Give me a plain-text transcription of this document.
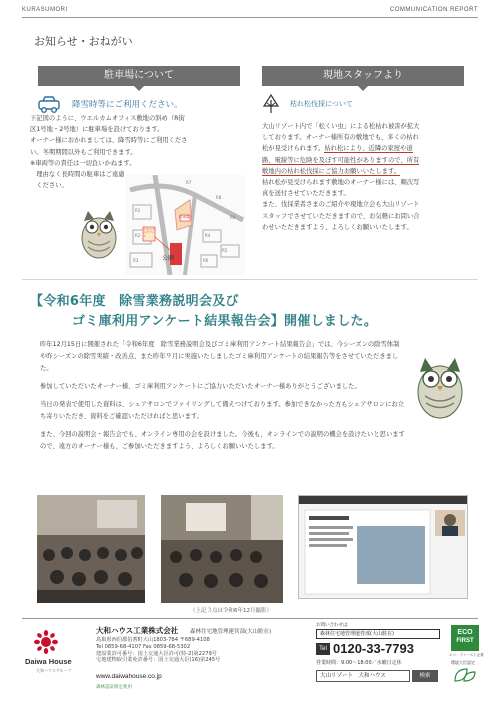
KURASUMORI	COMMUNICATION REPORT
お知らせ・おねがい
駐車場について
降雪時等にご利用ください。

下記図のように、ウエルカムオフィス敷地の斜め（R街

区1号地・2号地）に駐車場を設けております。

オーナー様におかれましては、降雪時等にご利用くださ

い。冬期期間以外もご利用できます。

※車両等の責任は一切負いかねます。

　理由なく長時間の駐車はご遠慮

　ください。

公園
駐車場
ウエルカムオフィス
R1
R2
R3
R4
R5
R6
R7
R8
R9
現地スタッフより
枯れ松伐採について

大山リゾート内で「松くい虫」による松枯れ被害が拡大

しております。オーナー様所有の敷地でも、多くの枯れ

松が見受けられます。枯れ松により、近隣の家屋や道

路、電線等に危険を及ぼす可能性がありますので、所有

敷地内の枯れ松伐採にご協力お願いいたします。

枯れ松が見受けられます敷地のオーナー様には、順次写

真を送付させていただきます。

また、伐採業者さまのご紹介や現地立会も大山リゾート

スタッフでさせていただきますので、お気軽にお問い合

わせいただきますよう、よろしくお願いいたします。

【令和6年度　除雪業務説明会及び
ゴミ庫利用アンケート結果報告会】開催しました。

昨年12月15日に開催された「令和6年度　除雪業務説明会及びゴミ庫利用アンケート結果報告会」では、今シーズンの除雪体制や昨シーズンの除雪実績・改善点、また昨年９月に実施いたしましたゴミ庫利用アンケートの結果報告等をさせていただきました。

参加していただいたオーナー様、ゴミ庫利用アンケートにご協力いただいたオーナー様ありがとうございました。

当日の発表で使用した資料は、シェアサロンでファイリングして備えつけております。参加できなかった方もシェアサロンにお立ち寄りいただき、資料をご確認いただければと思います。

また、今回の説明会・報告会でも、オンライン専用の会を設けました。今後も、オンラインでの説明の機会を設けたいと思いますので、遠方のオーナー様も、ご参加いただきますよう、よろしくお願いいたします。

（上記３点は令和6年12月撮影）
Daiwa House
大和ハウスグループ
大和ハウス工業株式会社 森林住宅地管理運営部(大山駐在)
鳥取県西伯郡伯耆町大山1803-784 〒689-4108
Tel 0859-68-4107 Fax 0859-68-5302
建設業許可番号：国土交通大臣許可(特-2)第2279号
宅地建物取引業免許番号：国土交通大臣(16)第245号
www.daiwahouse.co.jp
森林認証紙を使用
お問い合わせは
森林住宅地管理運営部(大山駐在)
Tel 0120-33-7793
営業時間：9:00～18:00／水曜日定休
大山リゾート　大和ハウス	検索
ECO
FIRST
エコ・ファースト企業
環境大臣認定
